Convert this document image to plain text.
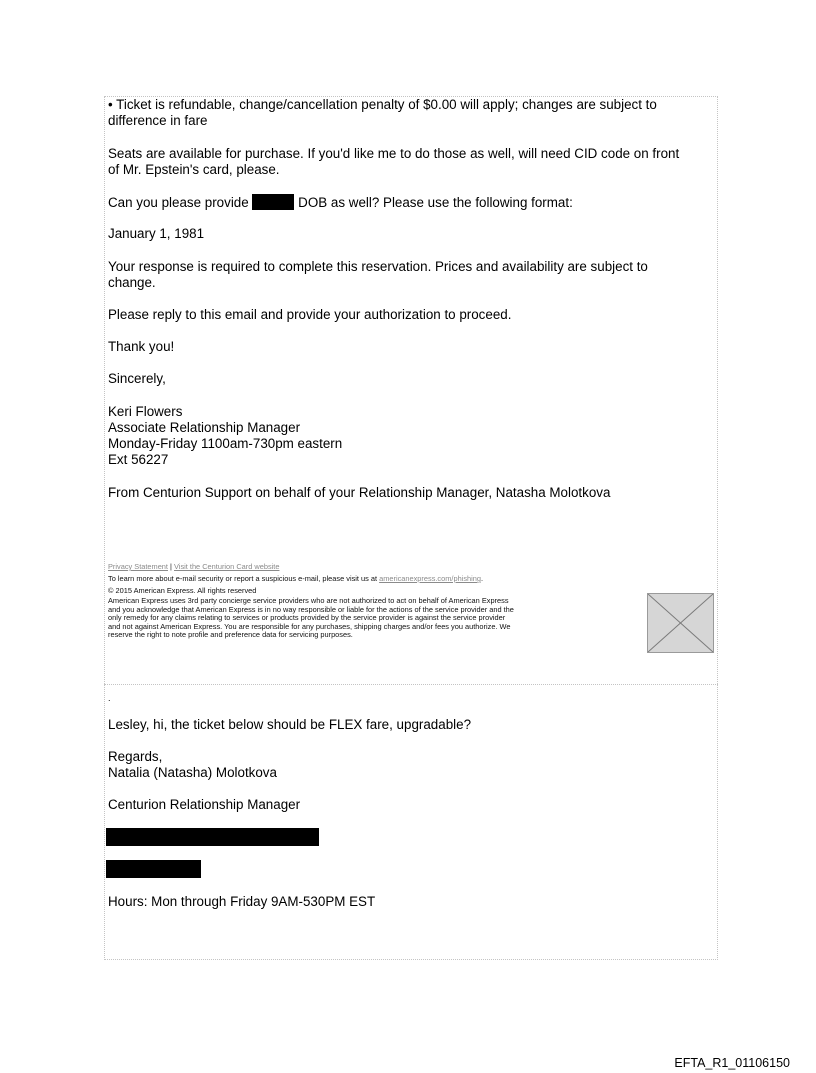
• Ticket is refundable, change/cancellation penalty of $0.00 will apply; changes are subject to
difference in fare
Seats are available for purchase. If you'd like me to do those as well, will need CID code on front
of Mr. Epstein's card, please.
Can you please provide	DOB as well? Please use the following format:
January 1, 1981
Your response is required to complete this reservation. Prices and availability are subject to
change.
Please reply to this email and provide your authorization to proceed.
Thank you!
Sincerely,
Keri Flowers
Associate Relationship Manager
Monday-Friday 1100am-730pm eastern
Ext 56227
From Centurion Support on behalf of your Relationship Manager, Natasha Molotkova
Privacy Statement | Visit the Centurion Card website
To learn more about e-mail security or report a suspicious e-mail, please visit us at americanexpress.com/phishing.
© 2015 American Express. All rights reserved
American Express uses 3rd party concierge service providers who are not authorized to act on behalf of American Express
and you acknowledge that American Express is in no way responsible or liable for the actions of the service provider and the
only remedy for any claims relating to services or products provided by the service provider is against the service provider
and not against American Express. You are responsible for any purchases, shipping charges and/or fees you authorize. We
reserve the right to note profile and preference data for servicing purposes.
.
Lesley, hi, the ticket below should be FLEX fare, upgradable?
Regards,
Natalia (Natasha) Molotkova
Centurion Relationship Manager
Hours: Mon through Friday 9AM-530PM EST
EFTA_R1_01106150
